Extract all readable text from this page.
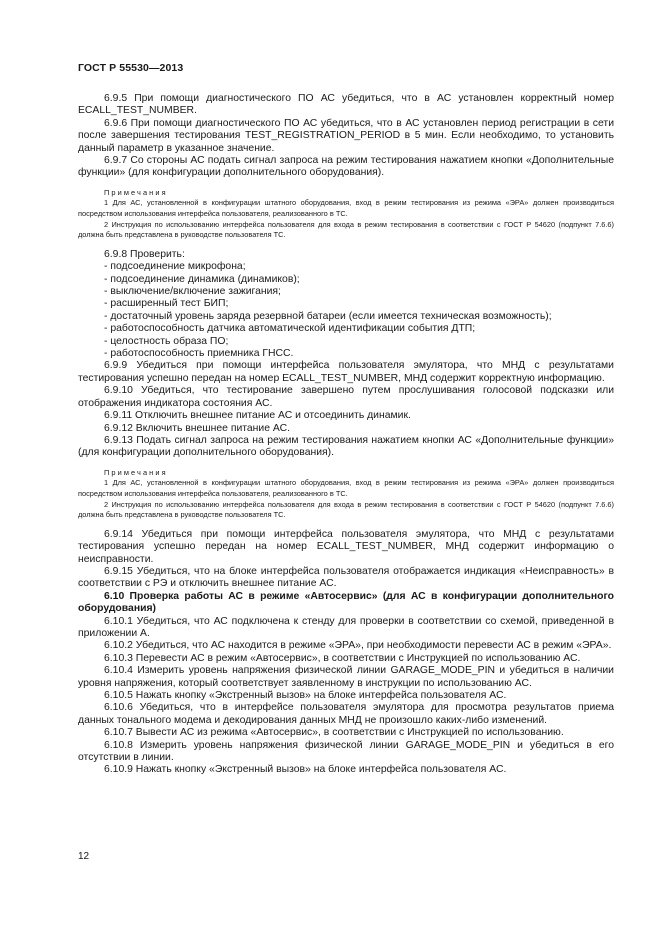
ГОСТ Р 55530—2013
6.9.5 При помощи диагностического ПО АС убедиться, что в АС установлен корректный номер ECALL_TEST_NUMBER.
6.9.6 При помощи диагностического ПО АС убедиться, что в АС установлен период регистрации в сети после завершения тестирования TEST_REGISTRATION_PERIOD в 5 мин. Если необходимо, то установить данный параметр в указанное значение.
6.9.7 Со стороны АС подать сигнал запроса на режим тестирования нажатием кнопки «Дополнительные функции» (для конфигурации дополнительного оборудования).
Примечания
1 Для АС, установленной в конфигурации штатного оборудования, вход в режим тестирования из режима «ЭРА» должен производиться посредством использования интерфейса пользователя, реализованного в ТС.
2 Инструкция по использованию интерфейса пользователя для входа в режим тестирования в соответствии с ГОСТ Р 54620 (подпункт 7.6.6) должна быть представлена в руководстве пользователя ТС.
6.9.8 Проверить:
- подсоединение микрофона;
- подсоединение динамика (динамиков);
- выключение/включение зажигания;
- расширенный тест БИП;
- достаточный уровень заряда резервной батареи (если имеется техническая возможность);
- работоспособность датчика автоматической идентификации события ДТП;
- целостность образа ПО;
- работоспособность приемника ГНСС.
6.9.9 Убедиться при помощи интерфейса пользователя эмулятора, что МНД с результатами тестирования успешно передан на номер ECALL_TEST_NUMBER, МНД содержит корректную информацию.
6.9.10 Убедиться, что тестирование завершено путем прослушивания голосовой подсказки или отображения индикатора состояния АС.
6.9.11 Отключить внешнее питание АС и отсоединить динамик.
6.9.12 Включить внешнее питание АС.
6.9.13 Подать сигнал запроса на режим тестирования нажатием кнопки АС «Дополнительные функции» (для конфигурации дополнительного оборудования).
Примечания
1 Для АС, установленной в конфигурации штатного оборудования, вход в режим тестирования из режима «ЭРА» должен производиться посредством использования интерфейса пользователя, реализованного в ТС.
2 Инструкция по использованию интерфейса пользователя для входа в режим тестирования в соответствии с ГОСТ Р 54620 (подпункт 7.6.6) должна быть представлена в руководстве пользователя ТС.
6.9.14 Убедиться при помощи интерфейса пользователя эмулятора, что МНД с результатами тестирования успешно передан на номер ECALL_TEST_NUMBER, МНД содержит информацию о неисправности.
6.9.15 Убедиться, что на блоке интерфейса пользователя отображается индикация «Неисправность» в соответствии с РЭ и отключить внешнее питание АС.
6.10 Проверка работы АС в режиме «Автосервис» (для АС в конфигурации дополнительного оборудования)
6.10.1 Убедиться, что АС подключена к стенду для проверки в соответствии со схемой, приведенной в приложении А.
6.10.2 Убедиться, что АС находится в режиме «ЭРА», при необходимости перевести АС в режим «ЭРА».
6.10.3 Перевести АС в режим «Автосервис», в соответствии с Инструкцией по использованию АС.
6.10.4 Измерить уровень напряжения физической линии GARAGE_MODE_PIN и убедиться в наличии уровня напряжения, который соответствует заявленному в инструкции по использованию АС.
6.10.5 Нажать кнопку «Экстренный вызов» на блоке интерфейса пользователя АС.
6.10.6 Убедиться, что в интерфейсе пользователя эмулятора для просмотра результатов приема данных тонального модема и декодирования данных МНД не произошло каких-либо изменений.
6.10.7 Вывести АС из режима «Автосервис», в соответствии с Инструкцией по использованию.
6.10.8 Измерить уровень напряжения физической линии GARAGE_MODE_PIN и убедиться в его отсутствии в линии.
6.10.9 Нажать кнопку «Экстренный вызов» на блоке интерфейса пользователя АС.
12
